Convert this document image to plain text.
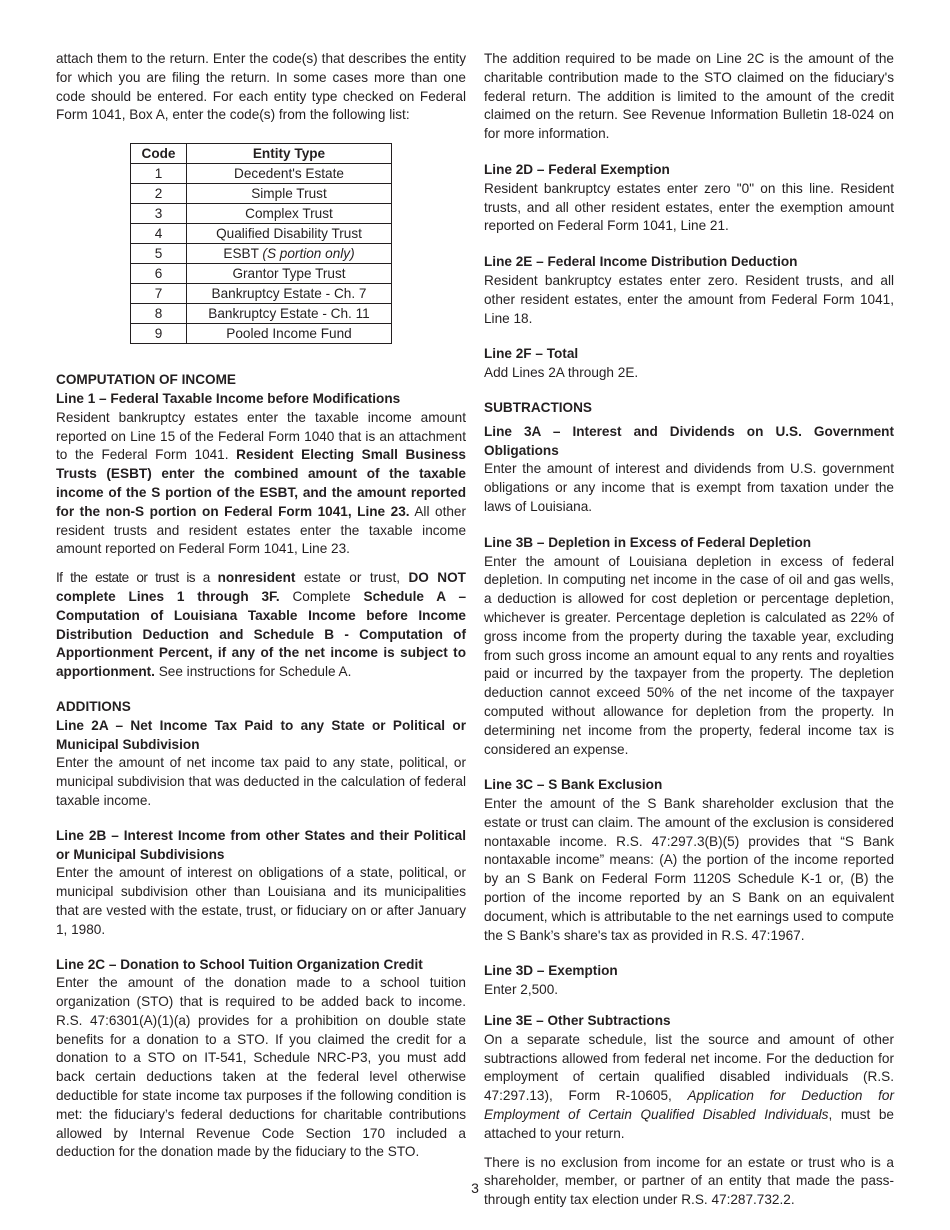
attach them to the return. Enter the code(s) that describes the entity for which you are filing the return. In some cases more than one code should be entered. For each entity type checked on Federal Form 1041, Box A, enter the code(s) from the following list:

Code	Entity Type
1	Decedent's Estate
2	Simple Trust
3	Complex Trust
4	Qualified Disability Trust
5	ESBT (S portion only)
6	Grantor Type Trust
7	Bankruptcy Estate - Ch. 7
8	Bankruptcy Estate - Ch. 11
9	Pooled Income Fund

COMPUTATION OF INCOME

Line 1 – Federal Taxable Income before Modifications

Resident bankruptcy estates enter the taxable income amount reported on Line 15 of the Federal Form 1040 that is an attachment to the Federal Form 1041. Resident Electing Small Business Trusts (ESBT) enter the combined amount of the taxable income of the S portion of the ESBT, and the amount reported for the non-S portion on Federal Form 1041, Line 23. All other resident trusts and resident estates enter the taxable income amount reported on Federal Form 1041, Line 23.

If the estate or trust is a nonresident estate or trust, DO NOT complete Lines 1 through 3F. Complete Schedule A – Computation of Louisiana Taxable Income before Income Distribution Deduction and Schedule B - Computation of Apportionment Percent, if any of the net income is subject to apportionment. See instructions for Schedule A.

ADDITIONS

Line 2A – Net Income Tax Paid to any State or Political or Municipal Subdivision

Enter the amount of net income tax paid to any state, political, or municipal subdivision that was deducted in the calculation of federal taxable income.

Line 2B – Interest Income from other States and their Political or Municipal Subdivisions

Enter the amount of interest on obligations of a state, political, or municipal subdivision other than Louisiana and its municipalities that are vested with the estate, trust, or fiduciary on or after January 1, 1980.

Line 2C – Donation to School Tuition Organization Credit

Enter the amount of the donation made to a school tuition organization (STO) that is required to be added back to income. R.S. 47:6301(A)(1)(a) provides for a prohibition on double state benefits for a donation to a STO. If you claimed the credit for a donation to a STO on IT-541, Schedule NRC-P3, you must add back certain deductions taken at the federal level otherwise deductible for state income tax purposes if the following condition is met: the fiduciary’s federal deductions for charitable contributions allowed by Internal Revenue Code Section 170 included a deduction for the donation made by the fiduciary to the STO.

The addition required to be made on Line 2C is the amount of the charitable contribution made to the STO claimed on the fiduciary's federal return. The addition is limited to the amount of the credit claimed on the return. See Revenue Information Bulletin 18-024 on for more information.

Line 2D – Federal Exemption

Resident bankruptcy estates enter zero "0" on this line. Resident trusts, and all other resident estates, enter the exemption amount reported on Federal Form 1041, Line 21.

Line 2E – Federal Income Distribution Deduction

Resident bankruptcy estates enter zero. Resident trusts, and all other resident estates, enter the amount from Federal Form 1041, Line 18.

Line 2F – Total

Add Lines 2A through 2E.

SUBTRACTIONS

Line 3A – Interest and Dividends on U.S. Government Obligations

Enter the amount of interest and dividends from U.S. government obligations or any income that is exempt from taxation under the laws of Louisiana.

Line 3B – Depletion in Excess of Federal Depletion

Enter the amount of Louisiana depletion in excess of federal depletion. In computing net income in the case of oil and gas wells, a deduction is allowed for cost depletion or percentage depletion, whichever is greater. Percentage depletion is calculated as 22% of gross income from the property during the taxable year, excluding from such gross income an amount equal to any rents and royalties paid or incurred by the taxpayer from the property. The depletion deduction cannot exceed 50% of the net income of the taxpayer computed without allowance for depletion from the property. In determining net income from the property, federal income tax is considered an expense.

Line 3C – S Bank Exclusion

Enter the amount of the S Bank shareholder exclusion that the estate or trust can claim. The amount of the exclusion is considered nontaxable income. R.S. 47:297.3(B)(5) provides that “S Bank nontaxable income” means: (A) the portion of the income reported by an S Bank on Federal Form 1120S Schedule K-1 or, (B) the portion of the income reported by an S Bank on an equivalent document, which is attributable to the net earnings used to compute the S Bank’s share's tax as provided in R.S. 47:1967.

Line 3D – Exemption

Enter 2,500.

Line 3E – Other Subtractions

On a separate schedule, list the source and amount of other subtractions allowed from federal net income. For the deduction for employment of certain qualified disabled individuals (R.S. 47:297.13), Form R-10605, Application for Deduction for Employment of Certain Qualified Disabled Individuals, must be attached to your return.

There is no exclusion from income for an estate or trust who is a shareholder, member, or partner of an entity that made the pass-through entity tax election under R.S. 47:287.732.2.

3
